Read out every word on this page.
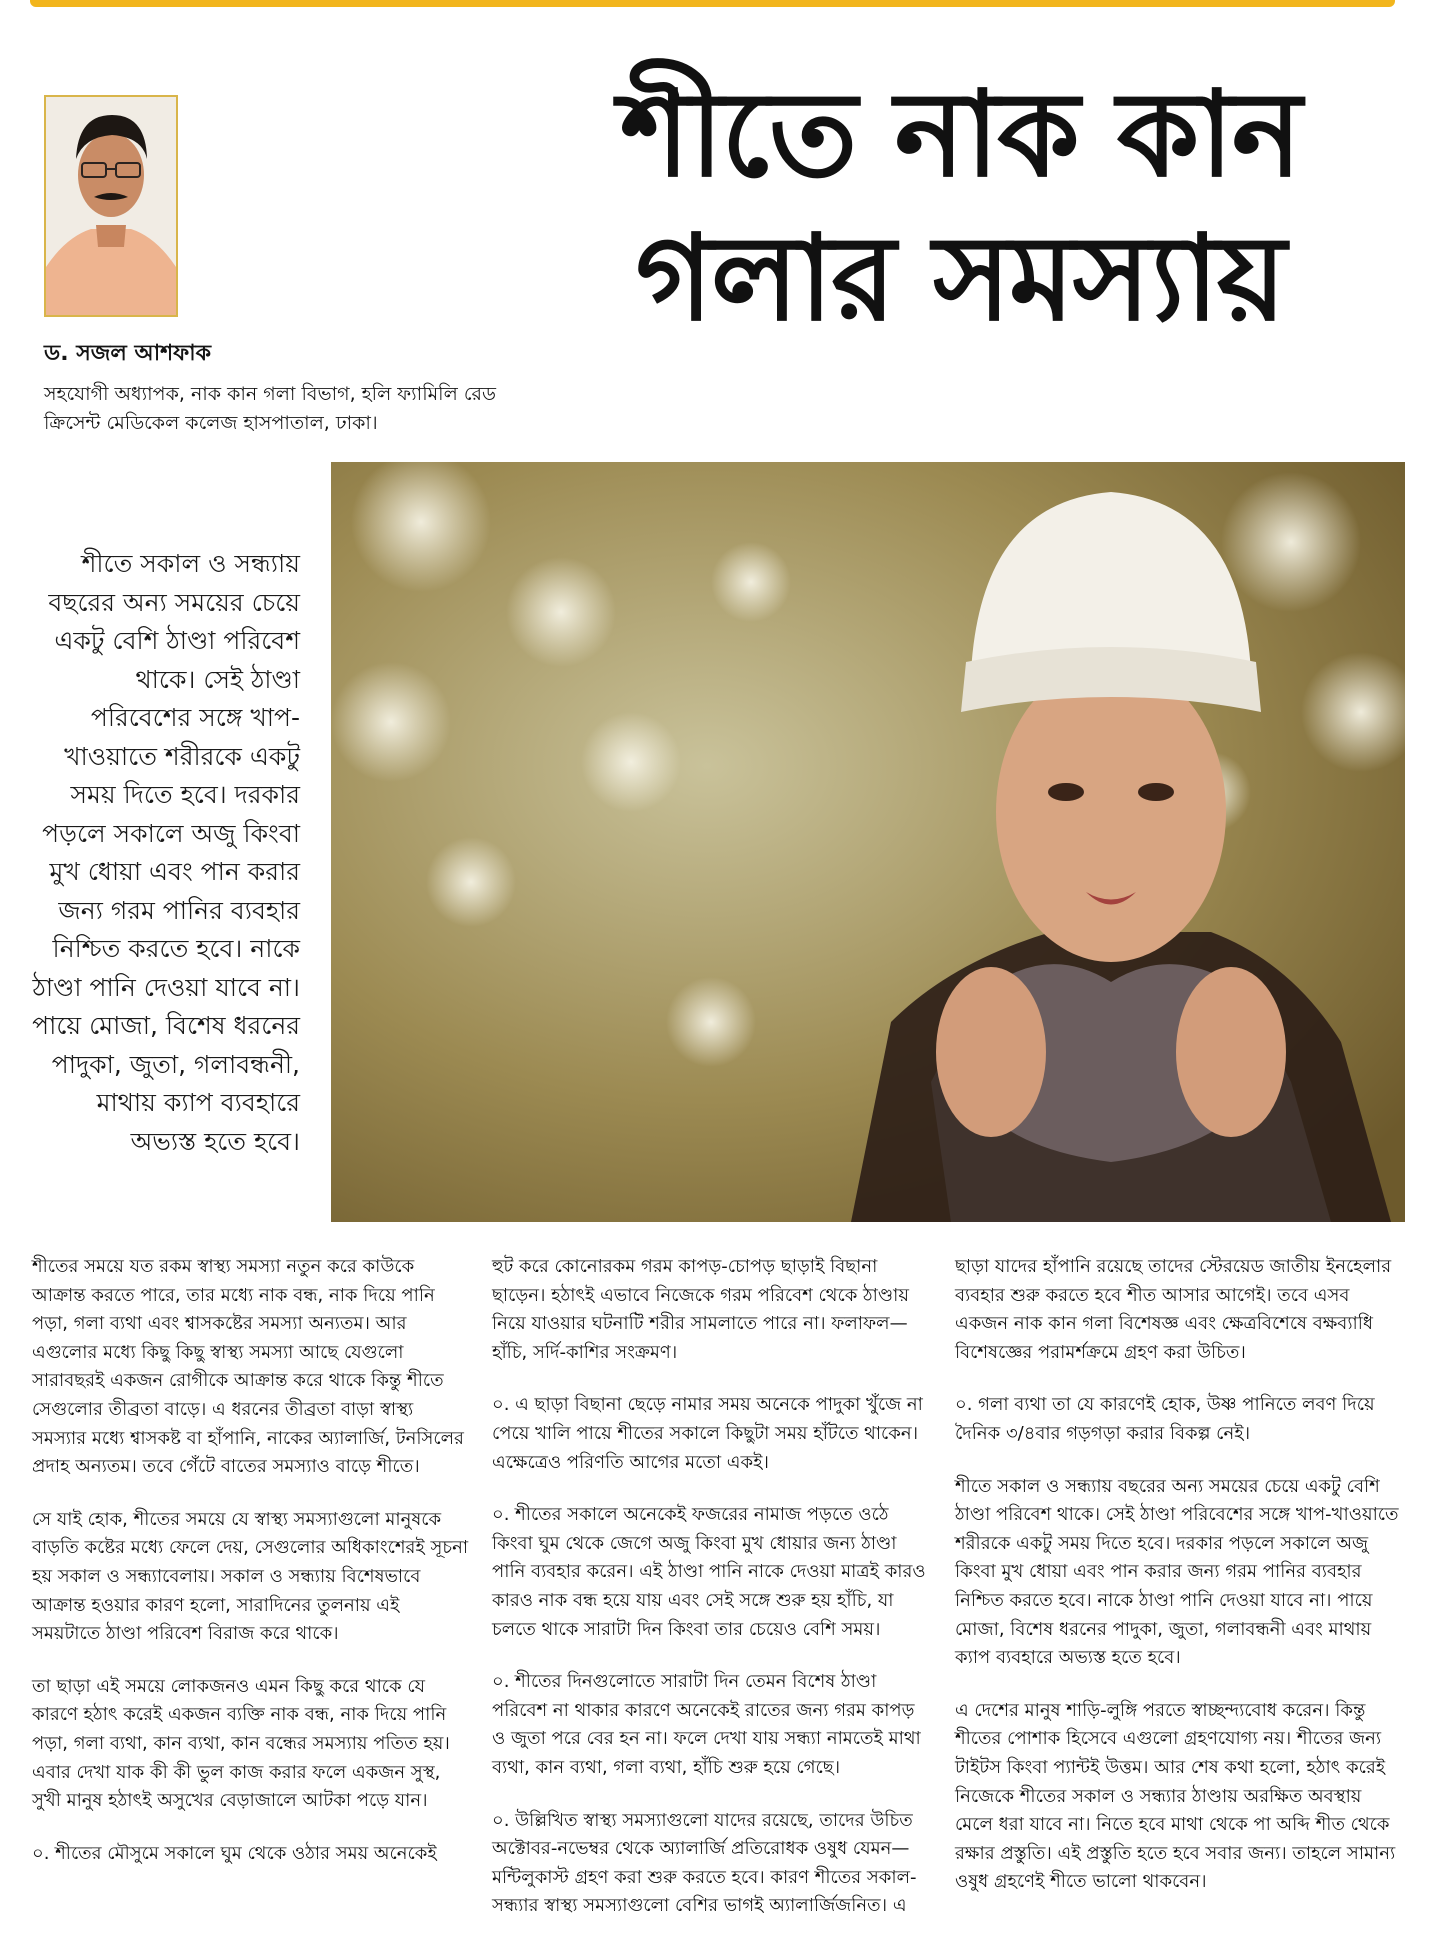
ড. সজল আশফাক
সহযোগী অধ্যাপক, নাক কান গলা বিভাগ, হলি ফ্যামিলি রেড
ক্রিসেন্ট মেডিকেল কলেজ হাসপাতাল, ঢাকা।
শীতে নাক কান
গলার সমস্যায়
শীতে সকাল ও সন্ধ্যায় বছরের অন্য সময়ের চেয়ে একটু বেশি ঠাণ্ডা পরিবেশ থাকে। সেই ঠাণ্ডা পরিবেশের সঙ্গে খাপ-খাওয়াতে শরীরকে একটু সময় দিতে হবে। দরকার পড়লে সকালে অজু কিংবা মুখ ধোয়া এবং পান করার জন্য গরম পানির ব্যবহার নিশ্চিত করতে হবে। নাকে ঠাণ্ডা পানি দেওয়া যাবে না। পায়ে মোজা, বিশেষ ধরনের পাদুকা, জুতা, গলাবন্ধনী, মাথায় ক্যাপ ব্যবহারে অভ্যস্ত হতে হবে।

শীতের সময়ে যত রকম স্বাস্থ্য সমস্যা নতুন করে কাউকে আক্রান্ত করতে পারে, তার মধ্যে নাক বন্ধ, নাক দিয়ে পানি পড়া, গলা ব্যথা এবং শ্বাসকষ্টের সমস্যা অন্যতম। আর এগুলোর মধ্যে কিছু কিছু স্বাস্থ্য সমস্যা আছে যেগুলো সারাবছরই একজন রোগীকে আক্রান্ত করে থাকে কিন্তু শীতে সেগুলোর তীব্রতা বাড়ে। এ ধরনের তীব্রতা বাড়া স্বাস্থ্য সমস্যার মধ্যে শ্বাসকষ্ট বা হাঁপানি, নাকের অ্যালার্জি, টনসিলের প্রদাহ অন্যতম। তবে গেঁটে বাতের সমস্যাও বাড়ে শীতে।

সে যাই হোক, শীতের সময়ে যে স্বাস্থ্য সমস্যাগুলো মানুষকে বাড়তি কষ্টের মধ্যে ফেলে দেয়, সেগুলোর অধিকাংশেরই সূচনা হয় সকাল ও সন্ধ্যাবেলায়। সকাল ও সন্ধ্যায় বিশেষভাবে আক্রান্ত হওয়ার কারণ হলো, সারাদিনের তুলনায় এই সময়টাতে ঠাণ্ডা পরিবেশ বিরাজ করে থাকে।

তা ছাড়া এই সময়ে লোকজনও এমন কিছু করে থাকে যে কারণে হঠাৎ করেই একজন ব্যক্তি নাক বন্ধ, নাক দিয়ে পানি পড়া, গলা ব্যথা, কান ব্যথা, কান বন্ধের সমস্যায় পতিত হয়। এবার দেখা যাক কী কী ভুল কাজ করার ফলে একজন সুস্থ, সুখী মানুষ হঠাৎই অসুখের বেড়াজালে আটকা পড়ে যান।

০. শীতের মৌসুমে সকালে ঘুম থেকে ওঠার সময় অনেকেই

হুট করে কোনোরকম গরম কাপড়-চোপড় ছাড়াই বিছানা ছাড়েন। হঠাৎই এভাবে নিজেকে গরম পরিবেশ থেকে ঠাণ্ডায় নিয়ে যাওয়ার ঘটনাটি শরীর সামলাতে পারে না। ফলাফল— হাঁচি, সর্দি-কাশির সংক্রমণ।

০. এ ছাড়া বিছানা ছেড়ে নামার সময় অনেকে পাদুকা খুঁজে না পেয়ে খালি পায়ে শীতের সকালে কিছুটা সময় হাঁটতে থাকেন। এক্ষেত্রেও পরিণতি আগের মতো একই।

০. শীতের সকালে অনেকেই ফজরের নামাজ পড়তে ওঠে কিংবা ঘুম থেকে জেগে অজু কিংবা মুখ ধোয়ার জন্য ঠাণ্ডা পানি ব্যবহার করেন। এই ঠাণ্ডা পানি নাকে দেওয়া মাত্রই কারও কারও নাক বন্ধ হয়ে যায় এবং সেই সঙ্গে শুরু হয় হাঁচি, যা চলতে থাকে সারাটা দিন কিংবা তার চেয়েও বেশি সময়।

০. শীতের দিনগুলোতে সারাটা দিন তেমন বিশেষ ঠাণ্ডা পরিবেশ না থাকার কারণে অনেকেই রাতের জন্য গরম কাপড় ও জুতা পরে বের হন না। ফলে দেখা যায় সন্ধ্যা নামতেই মাথা ব্যথা, কান ব্যথা, গলা ব্যথা, হাঁচি শুরু হয়ে গেছে।

০. উল্লিখিত স্বাস্থ্য সমস্যাগুলো যাদের রয়েছে, তাদের উচিত অক্টোবর-নভেম্বর থেকে অ্যালার্জি প্রতিরোধক ওষুধ যেমন— মন্টিলুকাস্ট গ্রহণ করা শুরু করতে হবে। কারণ শীতের সকাল-সন্ধ্যার স্বাস্থ্য সমস্যাগুলো বেশির ভাগই অ্যালার্জিজনিত। এ

ছাড়া যাদের হাঁপানি রয়েছে তাদের স্টেরয়েড জাতীয় ইনহেলার ব্যবহার শুরু করতে হবে শীত আসার আগেই। তবে এসব একজন নাক কান গলা বিশেষজ্ঞ এবং ক্ষেত্রবিশেষে বক্ষব্যাধি বিশেষজ্ঞের পরামর্শক্রমে গ্রহণ করা উচিত।

০. গলা ব্যথা তা যে কারণেই হোক, উষ্ণ পানিতে লবণ দিয়ে দৈনিক ৩/৪বার গড়গড়া করার বিকল্প নেই।

শীতে সকাল ও সন্ধ্যায় বছরের অন্য সময়ের চেয়ে একটু বেশি ঠাণ্ডা পরিবেশ থাকে। সেই ঠাণ্ডা পরিবেশের সঙ্গে খাপ-খাওয়াতে শরীরকে একটু সময় দিতে হবে। দরকার পড়লে সকালে অজু কিংবা মুখ ধোয়া এবং পান করার জন্য গরম পানির ব্যবহার নিশ্চিত করতে হবে। নাকে ঠাণ্ডা পানি দেওয়া যাবে না। পায়ে মোজা, বিশেষ ধরনের পাদুকা, জুতা, গলাবন্ধনী এবং মাথায় ক্যাপ ব্যবহারে অভ্যস্ত হতে হবে।

এ দেশের মানুষ শাড়ি-লুঙ্গি পরতে স্বাচ্ছন্দ্যবোধ করেন। কিন্তু শীতের পোশাক হিসেবে এগুলো গ্রহণযোগ্য নয়। শীতের জন্য টাইটস কিংবা প্যান্টই উত্তম। আর শেষ কথা হলো, হঠাৎ করেই নিজেকে শীতের সকাল ও সন্ধ্যার ঠাণ্ডায় অরক্ষিত অবস্থায় মেলে ধরা যাবে না। নিতে হবে মাথা থেকে পা অব্দি শীত থেকে রক্ষার প্রস্তুতি। এই প্রস্তুতি হতে হবে সবার জন্য। তাহলে সামান্য ওষুধ গ্রহণেই শীতে ভালো থাকবেন।
